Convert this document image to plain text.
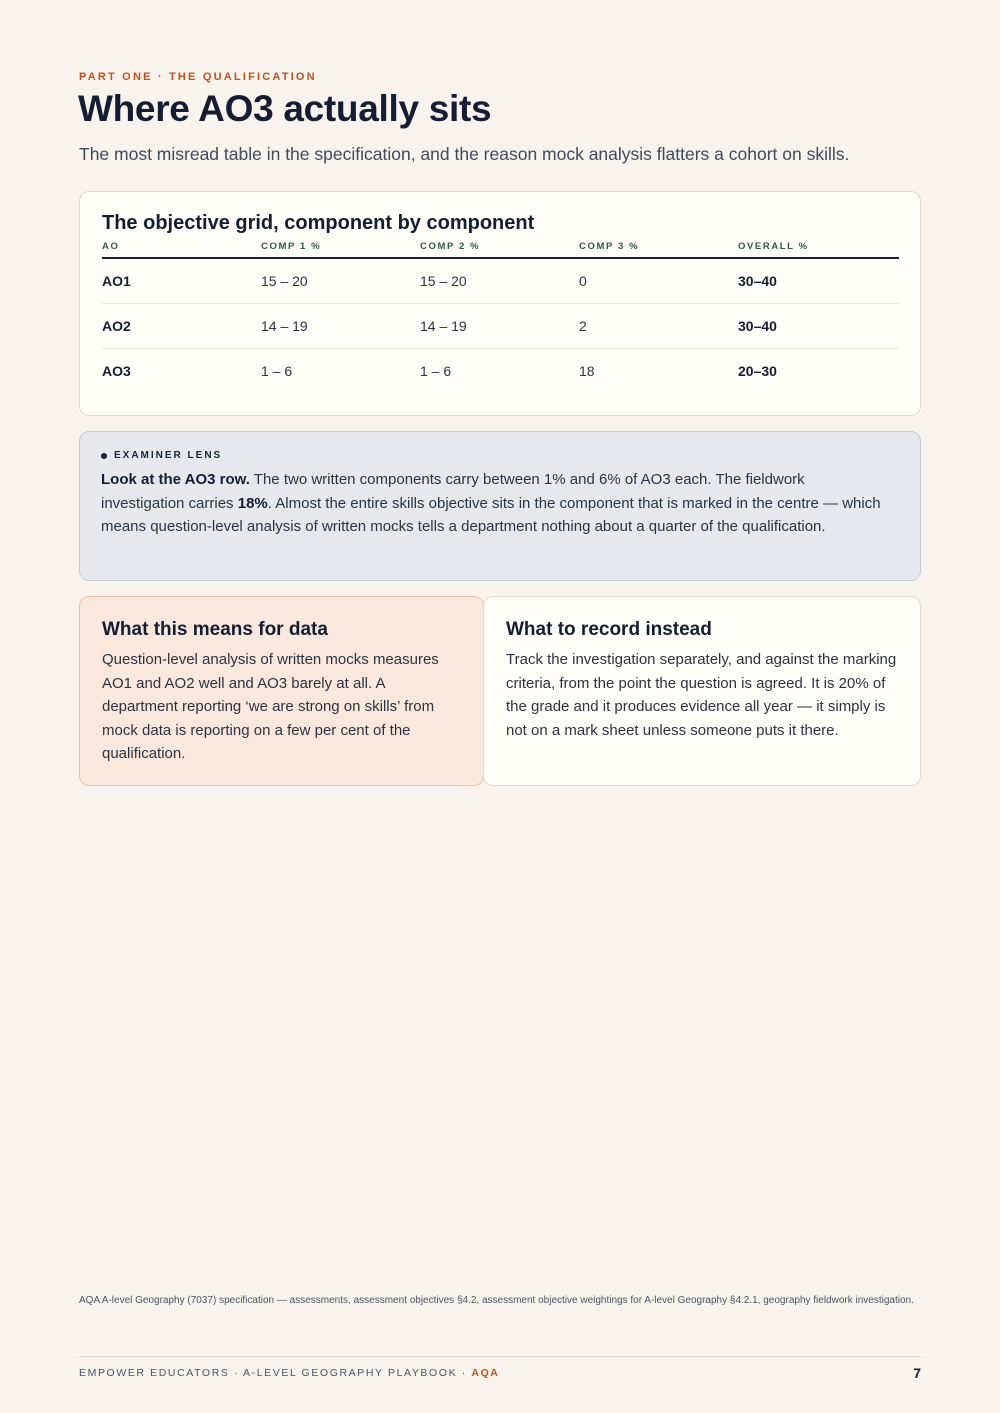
PART ONE · THE QUALIFICATION
Where AO3 actually sits

The most misread table in the specification, and the reason mock analysis flatters a cohort on skills.

The objective grid, component by component
AO	COMP 1 %	COMP 2 %	COMP 3 %	OVERALL %
AO1	15 – 20	15 – 20	0	30–40
AO2	14 – 19	14 – 19	2	30–40
AO3	1 – 6	1 – 6	18	20–30
EXAMINER LENS

Look at the AO3 row. The two written components carry between 1% and 6% of AO3 each. The fieldwork investigation carries 18%. Almost the entire skills objective sits in the component that is marked in the centre — which means question-level analysis of written mocks tells a department nothing about a quarter of the qualification.

What this means for data

Question-level analysis of written mocks measures AO1 and AO2 well and AO3 barely at all. A department reporting ‘we are strong on skills’ from mock data is reporting on a few per cent of the qualification.

What to record instead

Track the investigation separately, and against the marking criteria, from the point the question is agreed. It is 20% of the grade and it produces evidence all year — it simply is not on a mark sheet unless someone puts it there.

AQA A-level Geography (7037) specification — assessments, assessment objectives §4.2, assessment objective weightings for A-level Geography §4.2.1, geography fieldwork investigation.

EMPOWER EDUCATORS · A-LEVEL GEOGRAPHY PLAYBOOK · AQA	7
